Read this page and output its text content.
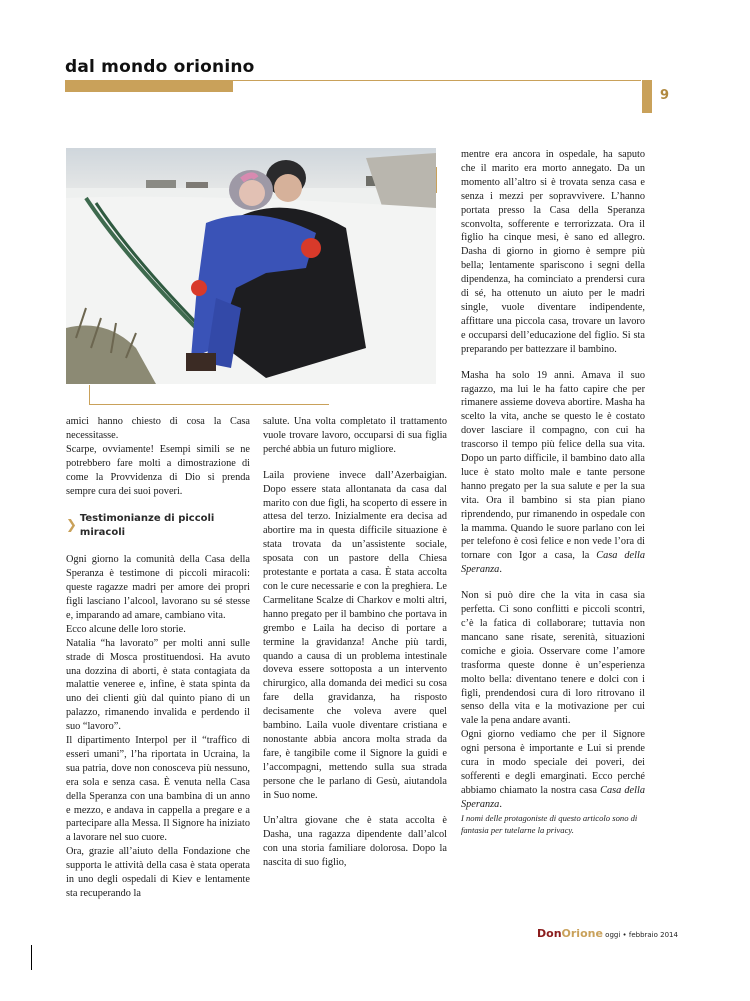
dal mondo orionino
9

amici hanno chiesto di cosa la Casa necessitasse.

Scarpe, ovviamente! Esempi simili se ne potrebbero fare molti a dimostrazione di come la Provvidenza di Dio si prenda sempre cura dei suoi poveri.

❯ Testimonianze di piccoli miracoli

Ogni giorno la comunità della Casa della Speranza è testimone di piccoli miracoli: queste ragazze madri per amore dei propri figli lasciano l’alcool, lavorano su sé stesse e, imparando ad amare, cambiano vita.

Ecco alcune delle loro storie.

Natalia “ha lavorato” per molti anni sulle strade di Mosca prostituendosi. Ha avuto una dozzina di aborti, è stata contagiata da malattie veneree e, infine, è stata spinta da uno dei clienti giù dal quinto piano di un palazzo, rimanendo invalida e perdendo il suo “lavoro”.

Il dipartimento Interpol per il “traffico di esseri umani”, l’ha riportata in Ucraina, la sua patria, dove non conosceva più nessuno, era sola e senza casa. È venuta nella Casa della Speranza con una bambina di un anno e mezzo, e andava in cappella a pregare e a partecipare alla Messa. Il Signore ha iniziato a lavorare nel suo cuore.

Ora, grazie all’aiuto della Fondazione che supporta le attività della casa è stata operata in uno degli ospedali di Kiev e lentamente sta recuperando la

salute. Una volta completato il trattamento vuole trovare lavoro, occuparsi di sua figlia perché abbia un futuro migliore.

Laila proviene invece dall’Azerbaigian. Dopo essere stata allontanata da casa dal marito con due figli, ha scoperto di essere in attesa del terzo. Inizialmente era decisa ad abortire ma in questa difficile situazione è stata trovata da un’assistente sociale, sposata con un pastore della Chiesa protestante e portata a casa. È stata accolta con le cure necessarie e con la preghiera. Le Carmelitane Scalze di Charkov e molti altri, hanno pregato per il bambino che portava in grembo e Laila ha deciso di portare a termine la gravidanza! Anche più tardi, quando a causa di un problema intestinale doveva essere sottoposta a un intervento chirurgico, alla domanda dei medici su cosa fare della gravidanza, ha risposto decisamente che voleva avere quel bambino. Laila vuole diventare cristiana e nonostante abbia ancora molta strada da fare, è tangibile come il Signore la guidi e l’accompagni, mettendo sulla sua strada persone che le parlano di Gesù, aiutandola in Suo nome.

Un’altra giovane che è stata accolta è Dasha, una ragazza dipendente dall’alcol con una storia familiare dolorosa. Dopo la nascita di suo figlio,

mentre era ancora in ospedale, ha saputo che il marito era morto annegato. Da un momento all’altro si è trovata senza casa e senza i mezzi per sopravvivere. L’hanno portata presso la Casa della Speranza sconvolta, sofferente e terrorizzata. Ora il figlio ha cinque mesi, è sano ed allegro. Dasha di giorno in giorno è sempre più bella; lentamente spariscono i segni della dipendenza, ha cominciato a prendersi cura di sé, ha ottenuto un aiuto per le madri single, vuole diventare indipendente, affittare una piccola casa, trovare un lavoro e occuparsi dell’educazione del figlio. Si sta preparando per battezzare il bambino.

Masha ha solo 19 anni. Amava il suo ragazzo, ma lui le ha fatto capire che per rimanere assieme doveva abortire. Masha ha scelto la vita, anche se questo le è costato dover lasciare il compagno, con cui ha trascorso il tempo più felice della sua vita. Dopo un parto difficile, il bambino dato alla luce è stato molto male e tante persone hanno pregato per la sua salute e per la sua vita. Ora il bambino si sta pian piano riprendendo, pur rimanendo in ospedale con la mamma. Quando le suore parlano con lei per telefono è così felice e non vede l’ora di tornare con Igor a casa, la Casa della Speranza.

Non si può dire che la vita in casa sia perfetta. Ci sono conflitti e piccoli scontri, c’è la fatica di collaborare; tuttavia non mancano sane risate, serenità, situazioni comiche e gioia. Osservare come l’amore trasforma queste donne è un’esperienza molto bella: diventano tenere e dolci con i figli, prendendosi cura di loro ritrovano il senso della vita e la motivazione per cui vale la pena andare avanti.

Ogni giorno vediamo che per il Signore ogni persona è importante e Lui si prende cura in modo speciale dei poveri, dei sofferenti e degli emarginati. Ecco perché abbiamo chiamato la nostra casa Casa della Speranza.

I nomi delle protagoniste di questo articolo sono di fantasia per tutelarne la privacy.

DonOrione oggi • febbraio 2014
